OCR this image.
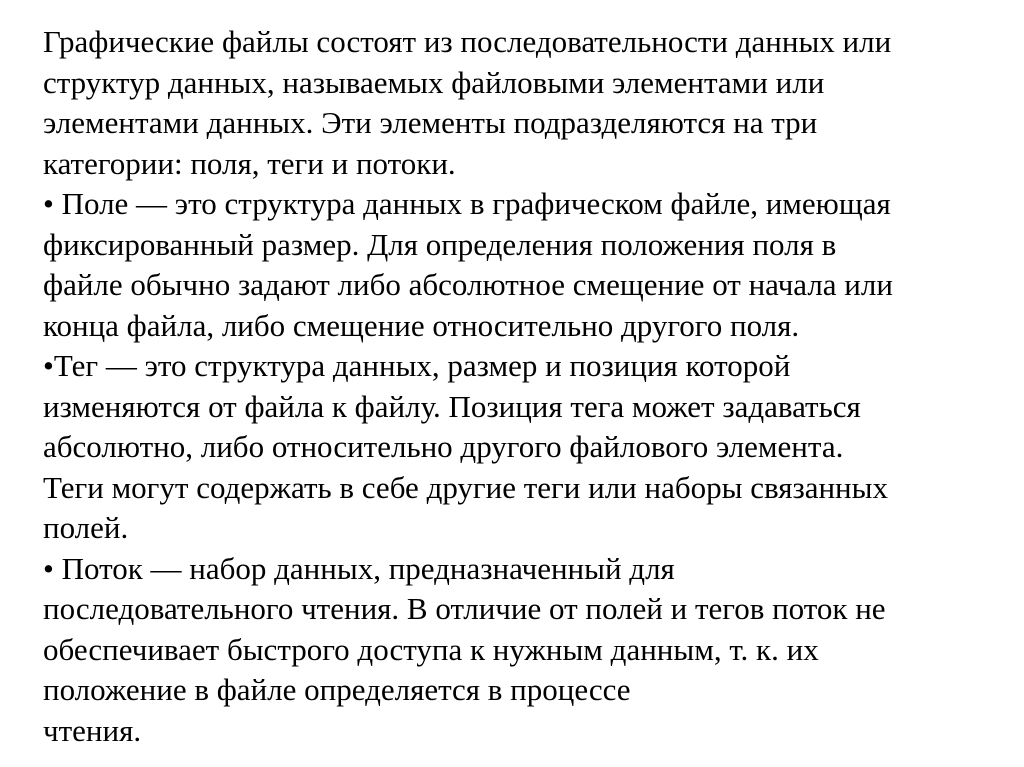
Графические файлы состоят из последовательности данных или
структур данных, называемых файловыми элементами или
элементами данных. Эти элементы подразделяются на три
категории: поля, теги и потоки.
• Поле — это структура данных в графическом файле, имеющая
фиксированный размер. Для определения положения поля в
файле обычно задают либо абсолютное смещение от начала или
конца файла, либо смещение относительно другого поля.
•Тег — это структура данных, размер и позиция которой
изменяются от файла к файлу. Позиция тега может задаваться
абсолютно, либо относительно другого файлового элемента.
Теги могут содержать в себе другие теги или наборы связанных
полей.
• Поток — набор данных, предназначенный для
последовательного чтения. В отличие от полей и тегов поток не
обеспечивает быстрого доступа к нужным данным, т. к. их
положение в файле определяется в процессе
чтения.
